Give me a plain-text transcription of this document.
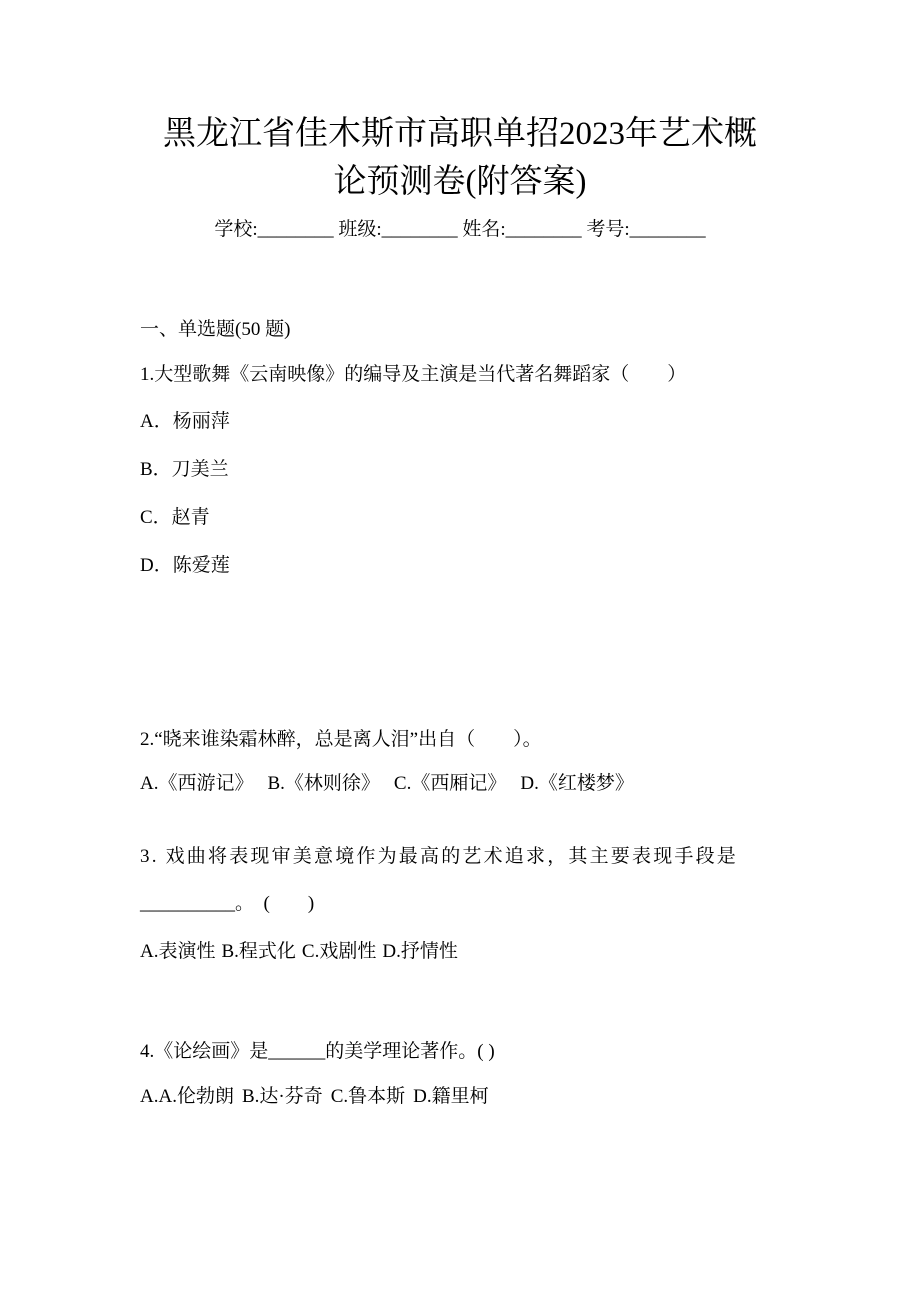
黑龙江省佳木斯市高职单招2023年艺术概
论预测卷(附答案)
学校:________ 班级:________ 姓名:________ 考号:________
一、单选题(50 题)
1.大型歌舞《云南映像》的编导及主演是当代著名舞蹈家（　　）
A．杨丽萍
B．刀美兰
C．赵青
D．陈爱莲
2.“晓来谁染霜林醉，总是离人泪”出自（　　）。
A.《西游记》 B.《林则徐》 C.《西厢记》 D.《红楼梦》
3. 戏曲将表现审美意境作为最高的艺术追求，其主要表现手段是
__________。　(　　)
A.表演性 B.程式化 C.戏剧性 D.抒情性
4.《论绘画》是______的美学理论著作。( )
A.A.伦勃朗 B.达·芬奇 C.鲁本斯 D.籍里柯
